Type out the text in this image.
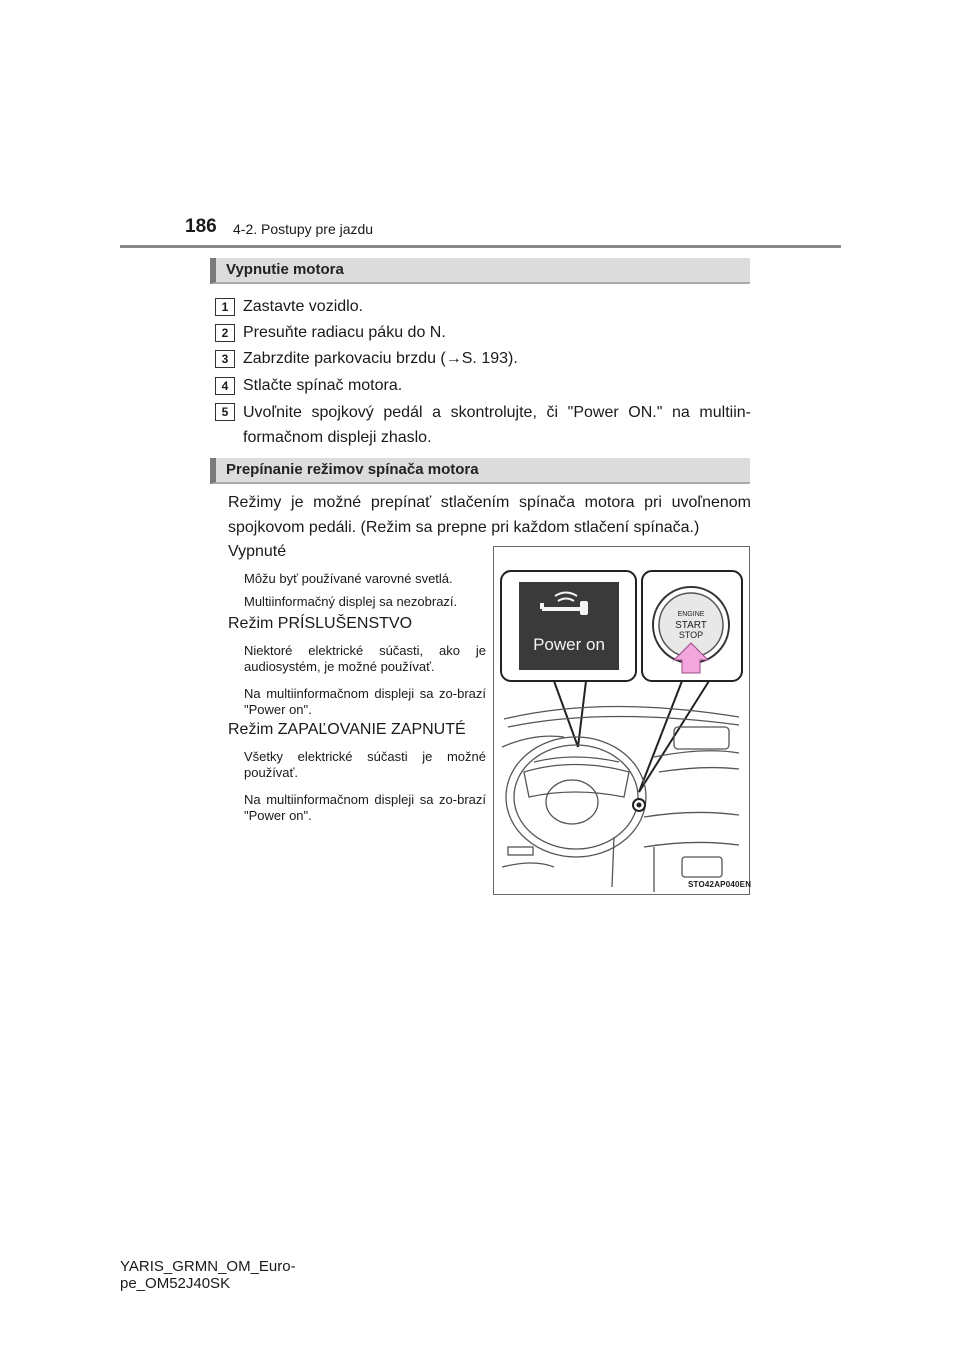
186 4-2. Postupy pre jazdu
Vypnutie motora
1 Zastavte vozidlo.
2 Presuňte radiacu páku do N.
3 Zabrzdite parkovaciu brzdu (→S. 193).
4 Stlačte spínač motora.
5 Uvoľnite spojkový pedál a skontrolujte, či "Power ON." na multiin-formačnom displeji zhaslo.
Prepínanie režimov spínača motora
Režimy je možné prepínať stlačením spínača motora pri uvoľnenom spojkovom pedáli. (Režim sa prepne pri každom stlačení spínača.)
Vypnuté
Môžu byť používané varovné svetlá.
Multiinformačný displej sa nezobrazí.
Režim PRÍSLUŠENSTVO
Niektoré elektrické súčasti, ako je audiosystém, je možné používať.
Na multiinformačnom displeji sa zo-brazí "Power on".
Režim ZAPAĽOVANIE ZAPNUTÉ
Všetky elektrické súčasti je možné používať.
Na multiinformačnom displeji sa zo-brazí "Power on".
Power on
ENGINE
START
STOP
STO42AP040EN
YARIS_GRMN_OM_Euro-
pe_OM52J40SK
